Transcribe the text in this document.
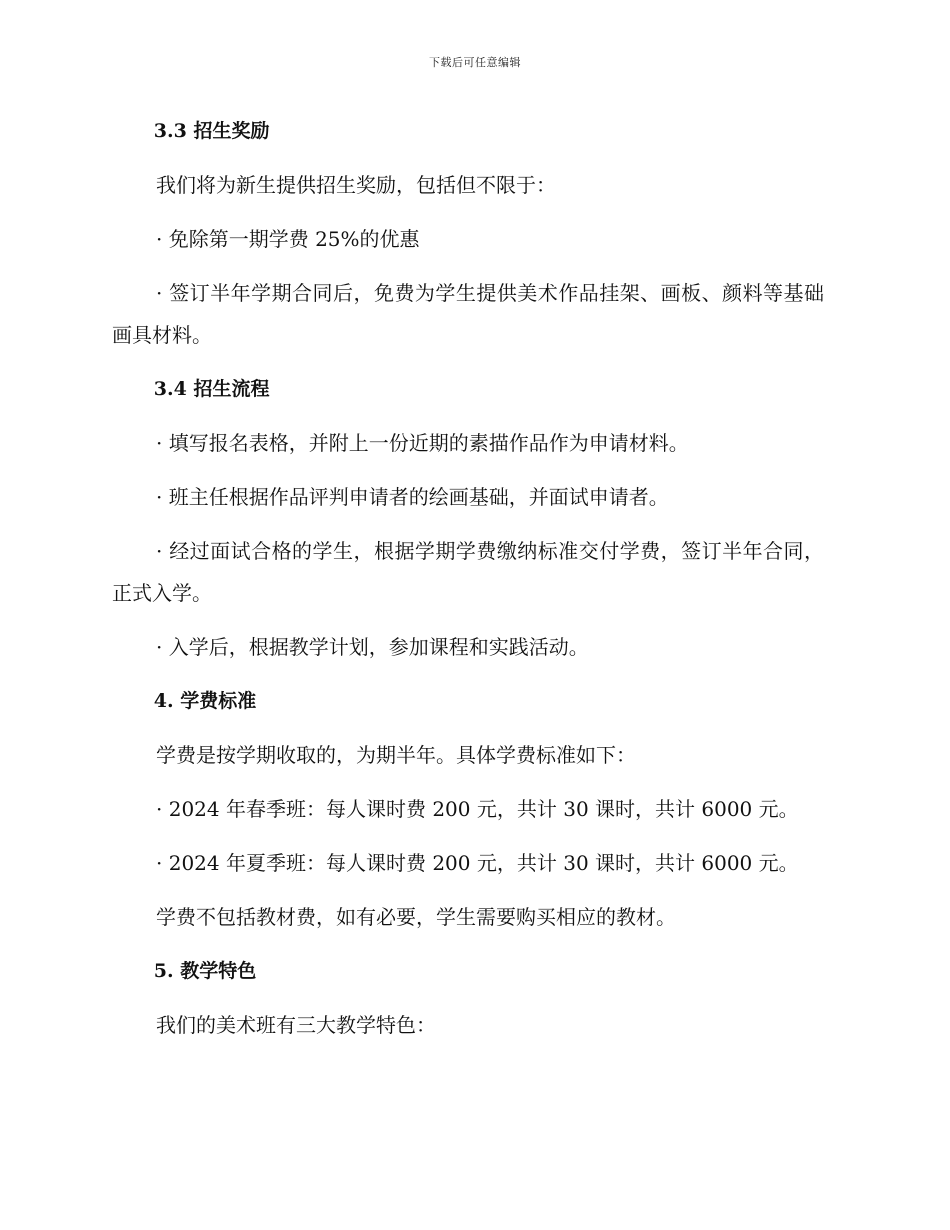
下载后可任意编辑
3.3 招生奖励
我们将为新生提供招生奖励，包括但不限于：
· 免除第一期学费 25%的优惠
· 签订半年学期合同后，免费为学生提供美术作品挂架、画板、颜料等基础画具材料。
3.4 招生流程
· 填写报名表格，并附上一份近期的素描作品作为申请材料。
· 班主任根据作品评判申请者的绘画基础，并面试申请者。
· 经过面试合格的学生，根据学期学费缴纳标准交付学费，签订半年合同，正式入学。
· 入学后，根据教学计划，参加课程和实践活动。
4. 学费标准
学费是按学期收取的，为期半年。具体学费标准如下：
· 2024 年春季班：每人课时费 200 元，共计 30 课时，共计 6000 元。
· 2024 年夏季班：每人课时费 200 元，共计 30 课时，共计 6000 元。
学费不包括教材费，如有必要，学生需要购买相应的教材。
5. 教学特色
我们的美术班有三大教学特色：
